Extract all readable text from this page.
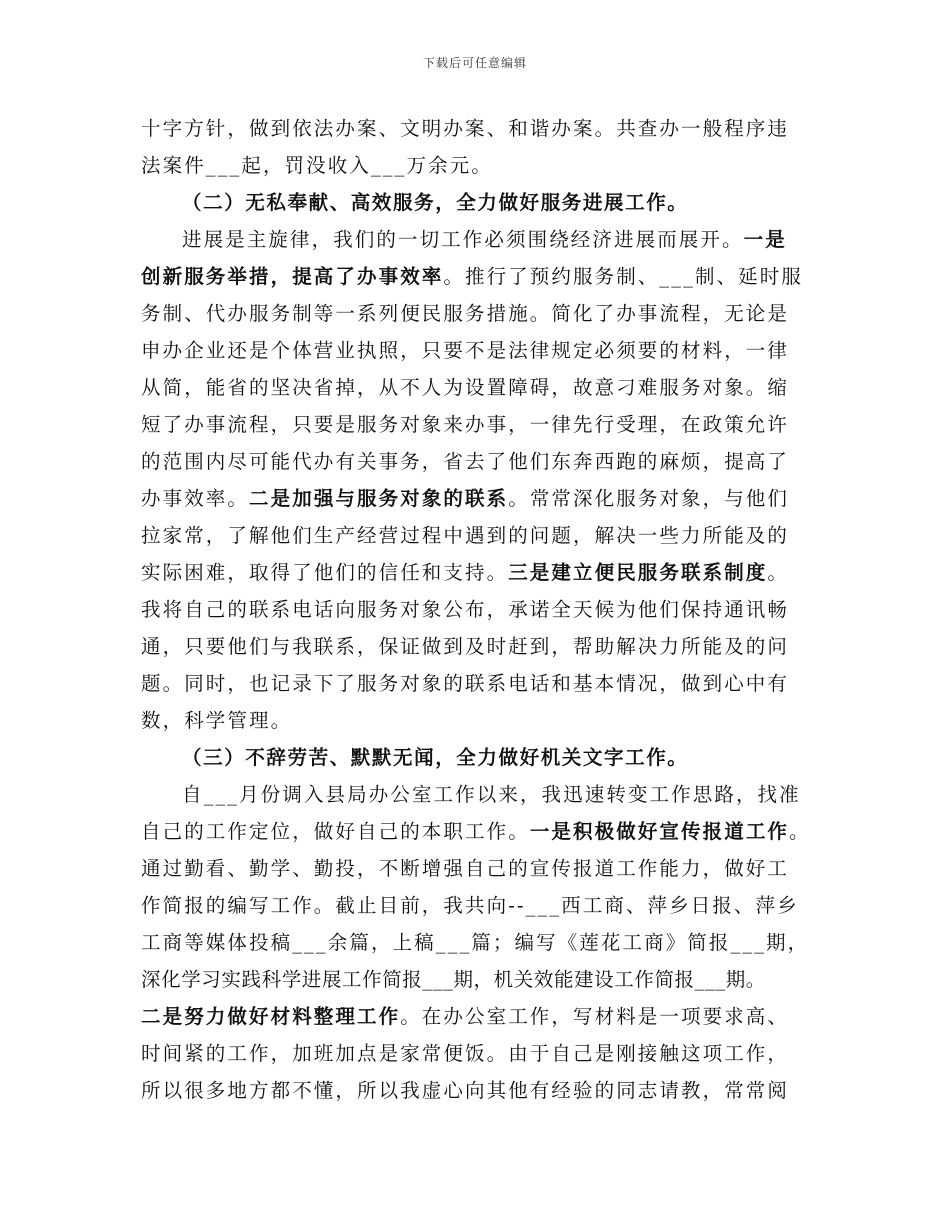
下载后可任意编辑
十字方针，做到依法办案、文明办案、和谐办案。共查办一般程序违
法案件___起，罚没收入___万余元。
（二）无私奉献、高效服务，全力做好服务进展工作。
进展是主旋律，我们的一切工作必须围绕经济进展而展开。一是
创新服务举措，提高了办事效率。推行了预约服务制、___制、延时服
务制、代办服务制等一系列便民服务措施。简化了办事流程，无论是
申办企业还是个体营业执照，只要不是法律规定必须要的材料，一律
从简，能省的坚决省掉，从不人为设置障碍，故意刁难服务对象。缩
短了办事流程，只要是服务对象来办事，一律先行受理，在政策允许
的范围内尽可能代办有关事务，省去了他们东奔西跑的麻烦，提高了
办事效率。二是加强与服务对象的联系。常常深化服务对象，与他们
拉家常，了解他们生产经营过程中遇到的问题，解决一些力所能及的
实际困难，取得了他们的信任和支持。三是建立便民服务联系制度。
我将自己的联系电话向服务对象公布，承诺全天候为他们保持通讯畅
通，只要他们与我联系，保证做到及时赶到，帮助解决力所能及的问
题。同时，也记录下了服务对象的联系电话和基本情况，做到心中有
数，科学管理。
（三）不辞劳苦、默默无闻，全力做好机关文字工作。
自___月份调入县局办公室工作以来，我迅速转变工作思路，找准
自己的工作定位，做好自己的本职工作。一是积极做好宣传报道工作。
通过勤看、勤学、勤投，不断增强自己的宣传报道工作能力，做好工
作简报的编写工作。截止目前，我共向--___西工商、萍乡日报、萍乡
工商等媒体投稿___余篇，上稿___篇；编写《莲花工商》简报___期，
深化学习实践科学进展工作简报___期，机关效能建设工作简报___期。
二是努力做好材料整理工作。在办公室工作，写材料是一项要求高、
时间紧的工作，加班加点是家常便饭。由于自己是刚接触这项工作，
所以很多地方都不懂，所以我虚心向其他有经验的同志请教，常常阅
